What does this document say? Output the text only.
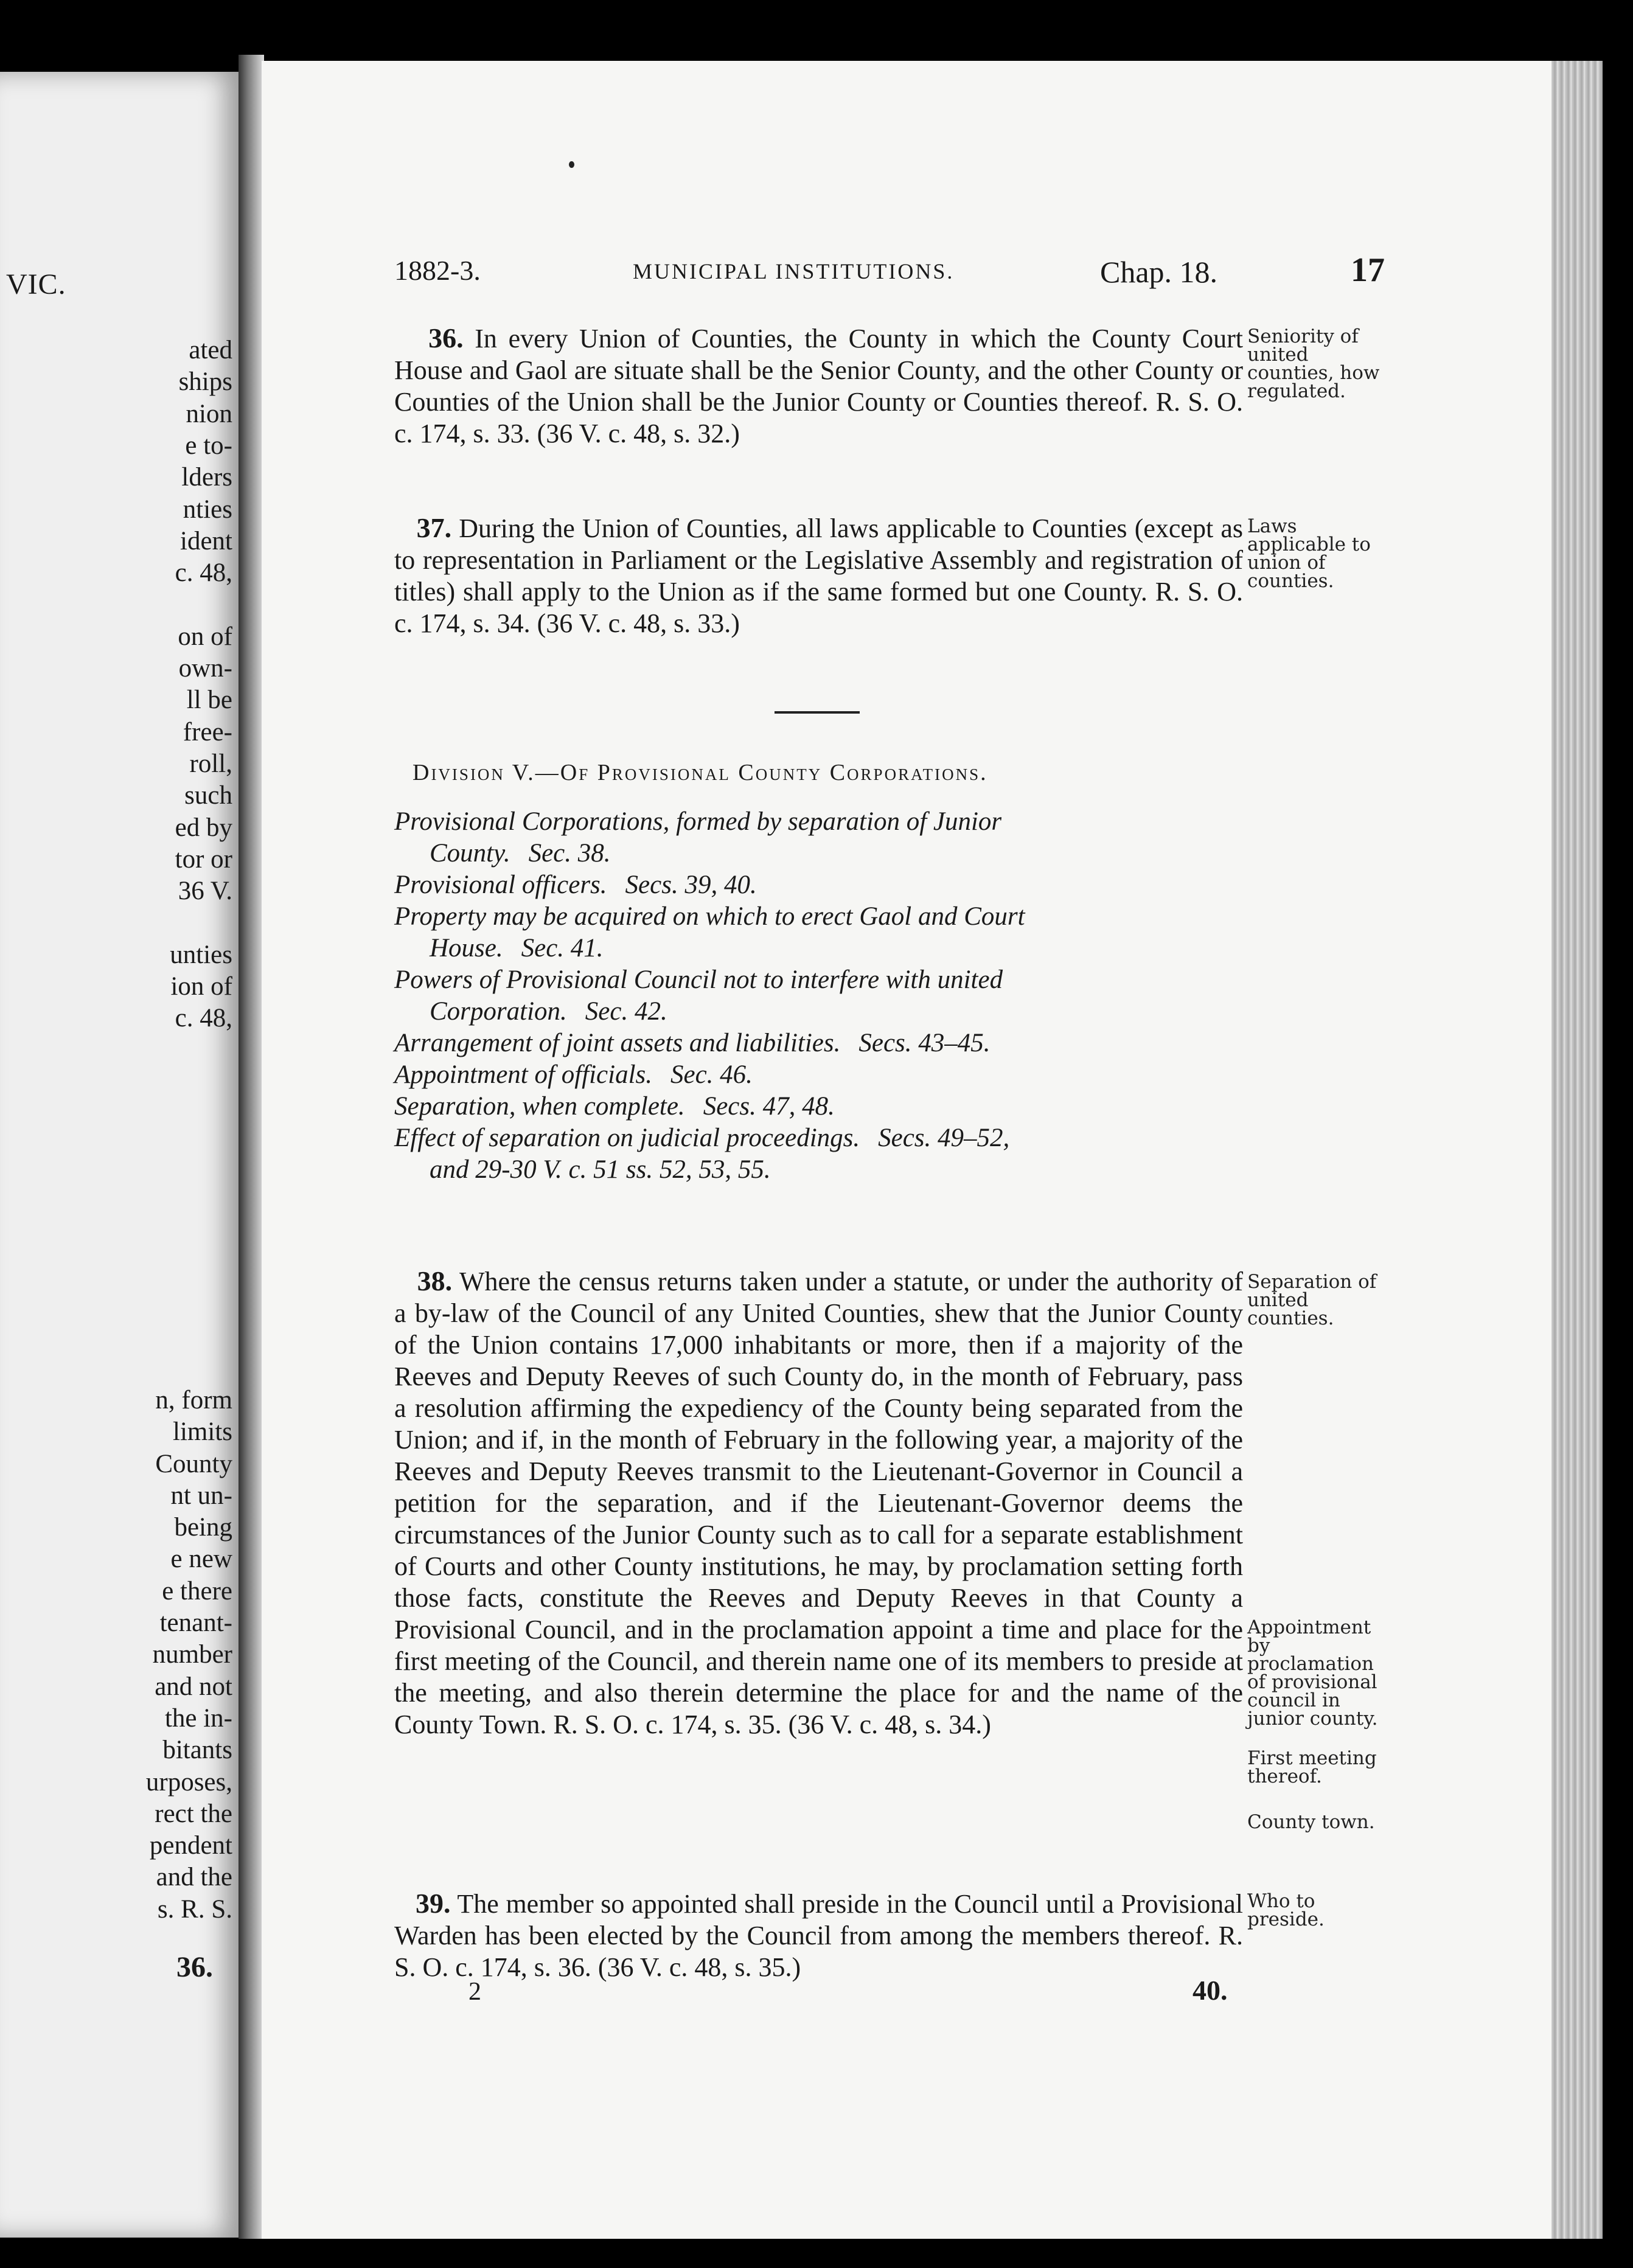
VIC.
ated
ships
nion
e to-
lders
nties
ident
c. 48,
on of
own-
ll be
free-
roll,
such
ed by
tor or
36 V.
unties
ion of
c. 48,
n, form
limits
County
nt un-
being
e new
e there
tenant-
number
and not
the in-
bitants
urposes,
rect the
pendent
and the
s. R. S.
36.
1882-3.	MUNICIPAL INSTITUTIONS.	Chap. 18.	17
36. In every Union of Counties, the County in which the County Court House and Gaol are situate shall be the Senior County, and the other County or Counties of the Union shall be the Junior County or Counties thereof. R. S. O. c. 174, s. 33. (36 V. c. 48, s. 32.)
Seniority of united counties, how regulated.
37. During the Union of Counties, all laws applicable to Counties (except as to representation in Parliament or the Legislative Assembly and registration of titles) shall apply to the Union as if the same formed but one County. R. S. O. c. 174, s. 34. (36 V. c. 48, s. 33.)
Laws applicable to union of counties.
Division V.—Of Provisional County Corporations.

Provisional Corporations, formed by separation of Junior

County. Sec. 38.

Provisional officers. Secs. 39, 40.

Property may be acquired on which to erect Gaol and Court

House. Sec. 41.

Powers of Provisional Council not to interfere with united

Corporation. Sec. 42.

Arrangement of joint assets and liabilities. Secs. 43–45.

Appointment of officials. Sec. 46.

Separation, when complete. Secs. 47, 48.

Effect of separation on judicial proceedings. Secs. 49–52,

and 29-30 V. c. 51 ss. 52, 53, 55.

38. Where the census returns taken under a statute, or under the authority of a by-law of the Council of any United Counties, shew that the Junior County of the Union contains 17,000 inhabitants or more, then if a majority of the Reeves and Deputy Reeves of such County do, in the month of February, pass a resolution affirming the expediency of the County being separated from the Union; and if, in the month of February in the following year, a majority of the Reeves and Deputy Reeves transmit to the Lieutenant-Governor in Council a petition for the separation, and if the Lieutenant-Governor deems the circumstances of the Junior County such as to call for a separate establishment of Courts and other County institutions, he may, by proclamation setting forth those facts, constitute the Reeves and Deputy Reeves in that County a Provisional Council, and in the proclamation appoint a time and place for the first meeting of the Council, and therein name one of its members to preside at the meeting, and also therein determine the place for and the name of the County Town. R. S. O. c. 174, s. 35. (36 V. c. 48, s. 34.)
Separation of united counties.
Appointment by proclamation of provisional council in junior county.
First meeting thereof.
County town.
39. The member so appointed shall preside in the Council until a Provisional Warden has been elected by the Council from among the members thereof. R. S. O. c. 174, s. 36. (36 V. c. 48, s. 35.)
Who to preside.
2	40.
